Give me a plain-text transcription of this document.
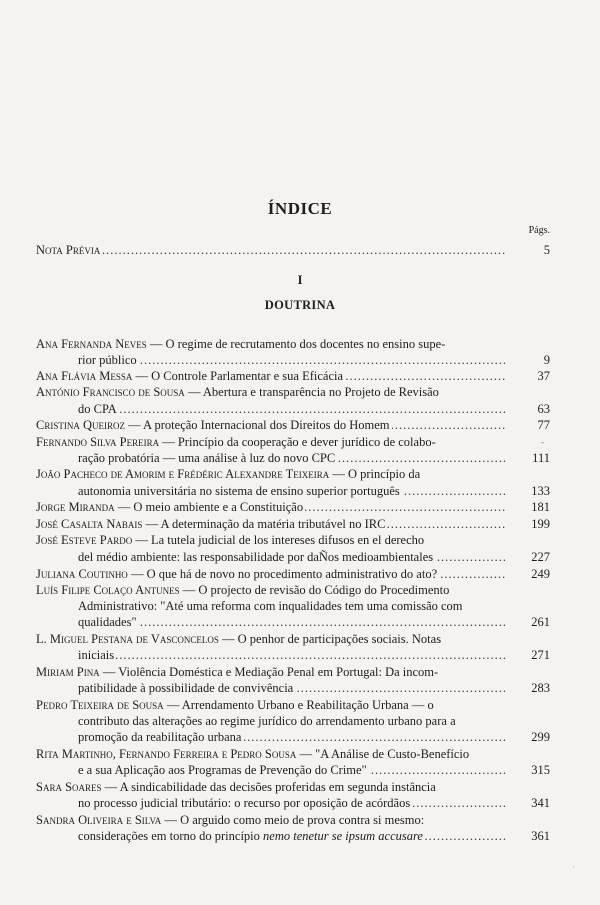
ÍNDICE
Págs.
Nota Prévia .....	5
I
DOUTRINA
Ana Fernanda Neves — O regime de recrutamento dos docentes no ensino supe-
rior público .....	9
Ana Flávia Messa — O Controle Parlamentar e sua Eficácia .....	37
António Francisco de Sousa — Abertura e transparência no Projeto de Revisão
do CPA .....	63
Cristina Queiroz — A proteção Internacional dos Direitos do Homem .....	77
Fernando Silva Pereira — Princípio da cooperação e dever jurídico de colabo-
ração probatória — uma análise à luz do novo CPC .....	111
João Pacheco de Amorim e Frédéric Alexandre Teixeira — O princípio da
autonomia universitária no sistema de ensino superior português .....	133
Jorge Miranda — O meio ambiente e a Constituição .....	181
José Casalta Nabais — A determinação da matéria tributável no IRC .....	199
José Esteve Pardo — La tutela judicial de los intereses difusos en el derecho
del médio ambiente: las responsabilidade por daÑos medioambientales .....	227
Juliana Coutinho — O que há de novo no procedimento administrativo do ato? .....	249
Luís Filipe Colaço Antunes — O projecto de revisão do Código do Procedimento
Administrativo: "Até uma reforma com inqualidades tem uma comissão com
qualidades" .....	261
L. Miguel Pestana de Vasconcelos — O penhor de participações sociais. Notas
iniciais .....	271
Miriam Pina — Violência Doméstica e Mediação Penal em Portugal: Da incom-
patibilidade à possibilidade de convivência .....	283
Pedro Teixeira de Sousa — Arrendamento Urbano e Reabilitação Urbana — o
contributo das alterações ao regime jurídico do arrendamento urbano para a
promoção da reabilitação urbana .....	299
Rita Martinho, Fernando Ferreira e Pedro Sousa — "A Análise de Custo-Benefício
e a sua Aplicação aos Programas de Prevenção do Crime" .....	315
Sara Soares — A sindicabilidade das decisões proferidas em segunda instância
no processo judicial tributário: o recurso por oposição de acórdãos .....	341
Sandra Oliveira e Silva — O arguido como meio de prova contra si mesmo:
considerações em torno do princípio nemo tenetur se ipsum accusare .....	361
-
·
